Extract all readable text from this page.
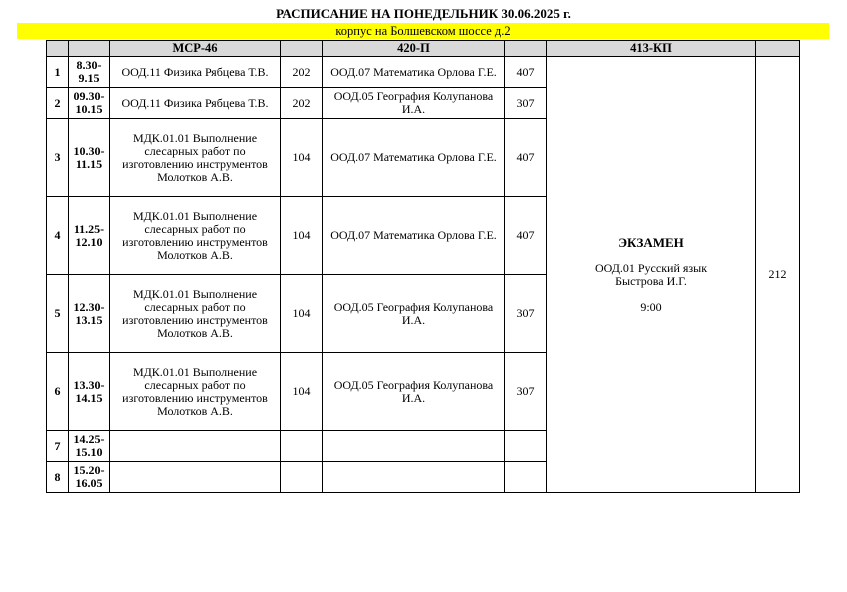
РАСПИСАНИЕ НА ПОНЕДЕЛЬНИК 30.06.2025 г.
корпус на Болшевском шоссе д.2
		МСР-46		420-П		413-КП	
1	8.30-9.15	ООД.11 Физика Рябцева Т.В.	202	ООД.07 Математика Орлова Г.Е.	407	ЭКЗАМЕН
ООД.01 Русский язык
Быстрова И.Г.
9:00	212
2	09.30-10.15	ООД.11 Физика Рябцева Т.В.	202	ООД.05 География Колупанова И.А.	307		
3	10.30-11.15	МДК.01.01 Выполнение слесарных работ по изготовлению инструментов Молотков А.В.	104	ООД.07 Математика Орлова Г.Е.	407		
4	11.25-12.10	МДК.01.01 Выполнение слесарных работ по изготовлению инструментов Молотков А.В.	104	ООД.07 Математика Орлова Г.Е.	407		
5	12.30-13.15	МДК.01.01 Выполнение слесарных работ по изготовлению инструментов Молотков А.В.	104	ООД.05 География Колупанова И.А.	307		
6	13.30-14.15	МДК.01.01 Выполнение слесарных работ по изготовлению инструментов Молотков А.В.	104	ООД.05 География Колупанова И.А.	307		
7	14.25-15.10						
8	15.20-16.05						
